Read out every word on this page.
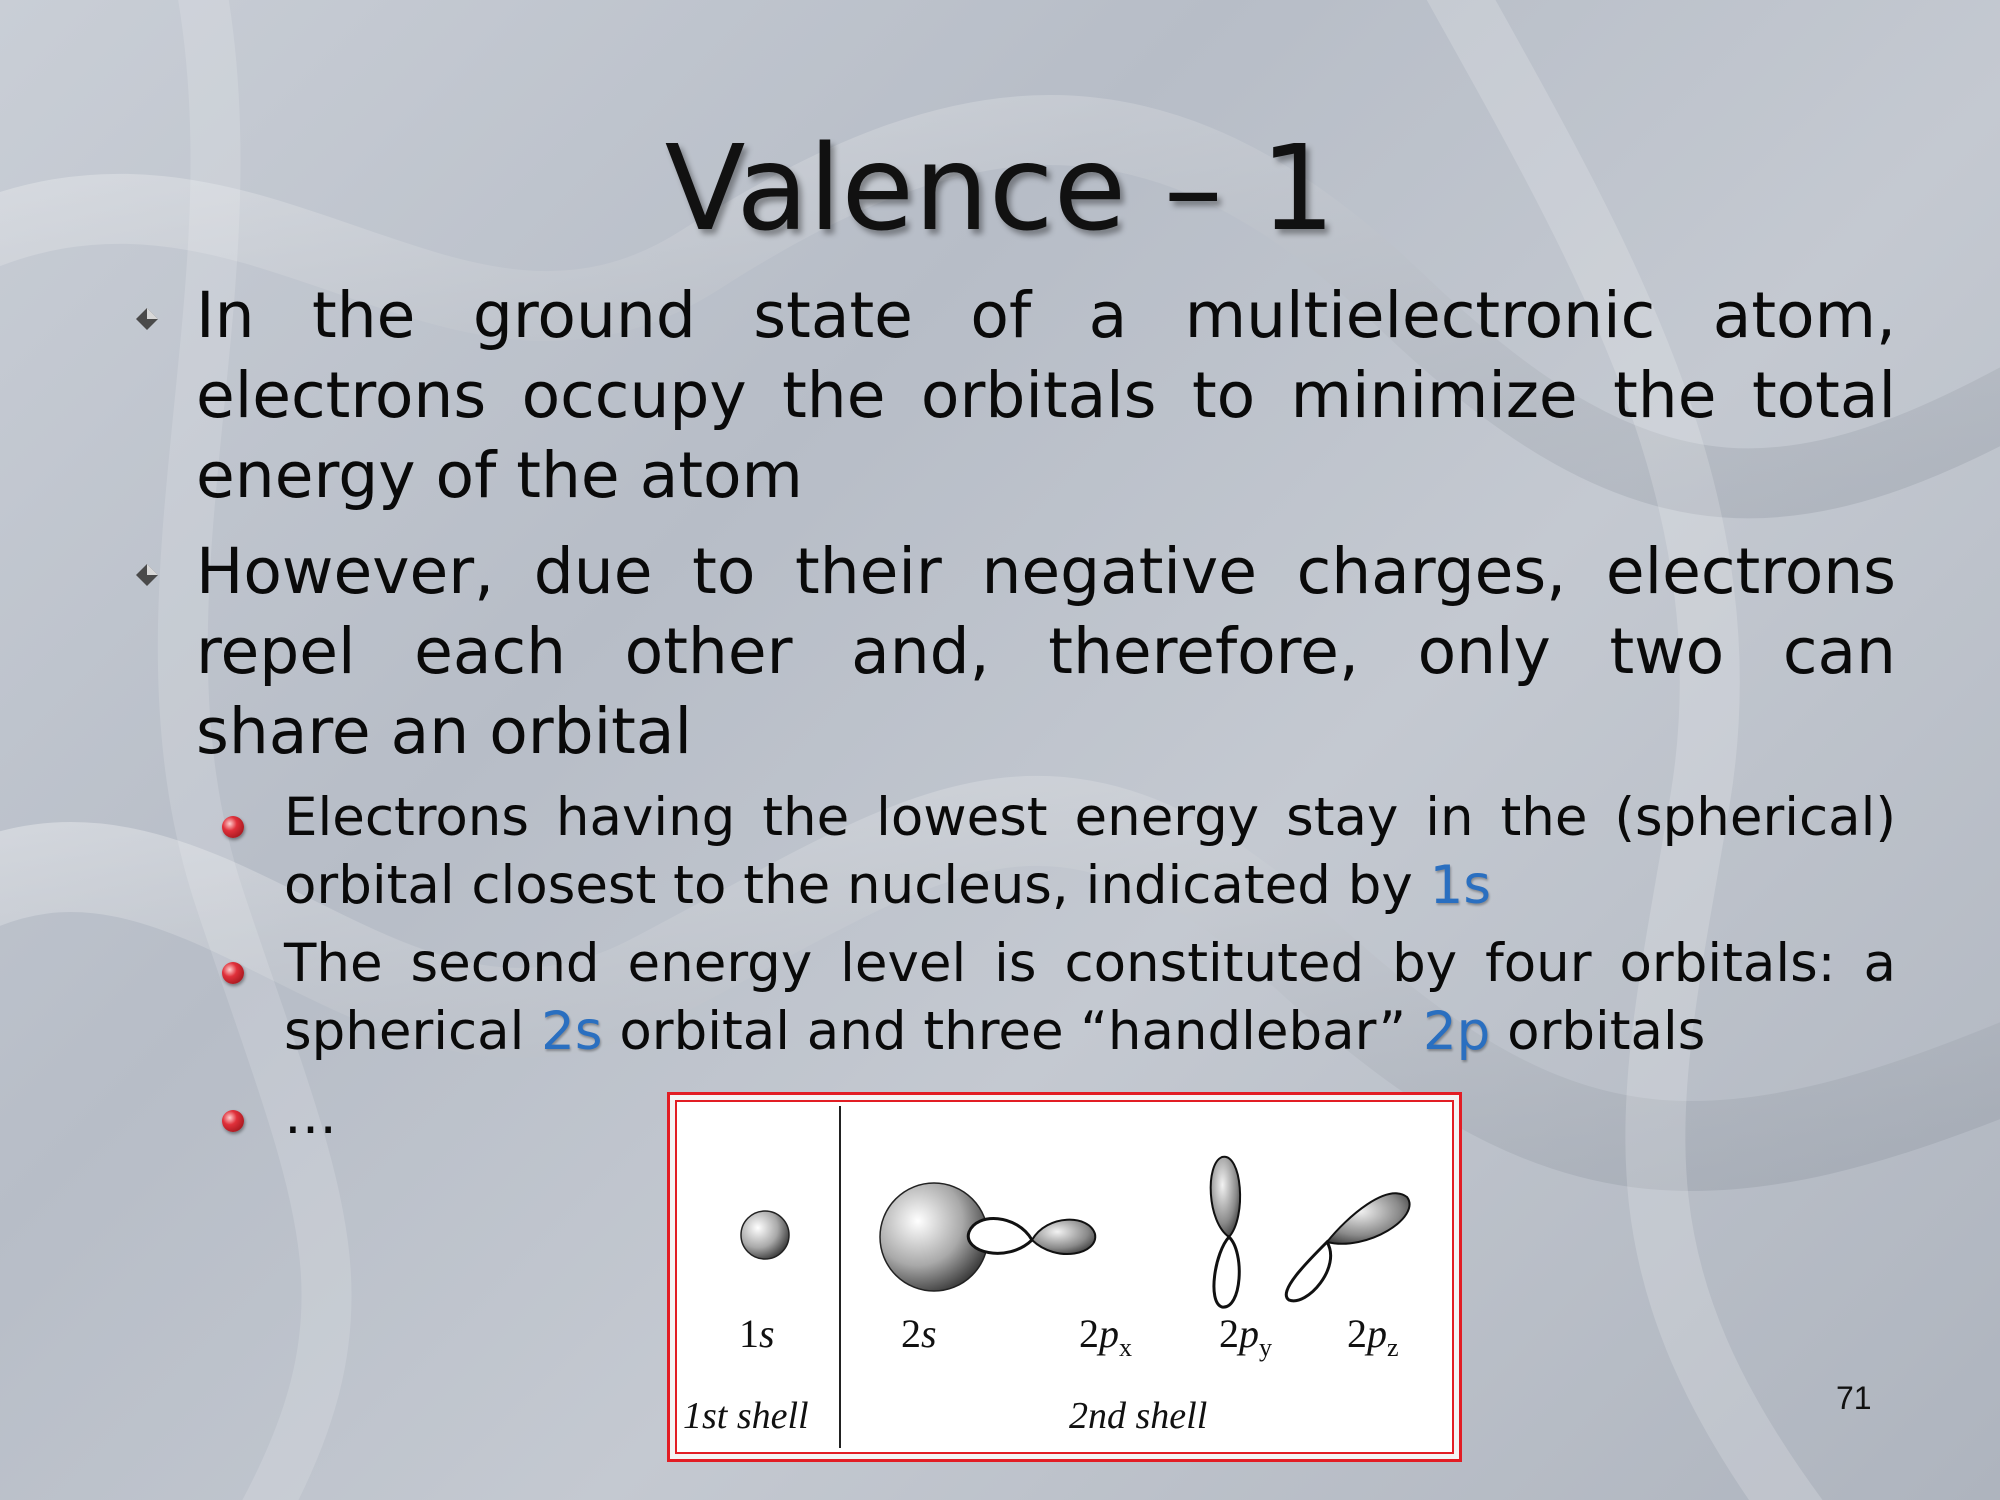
Valence – 1
In the ground state of a multielectronic atom,
electrons occupy the orbitals to minimize the total
energy of the atom
However, due to their negative charges, electrons
repel each other and, therefore, only two can
share an orbital
Electrons having the lowest energy stay in the (spherical)
orbital closest to the nucleus, indicated by 1s
The second energy level is constituted by four orbitals: a
spherical 2s orbital and three “handlebar” 2p orbitals
…
1s	2s	$2p_x$ $2p_y$ $2p_z$
1st shell	2nd shell	71
